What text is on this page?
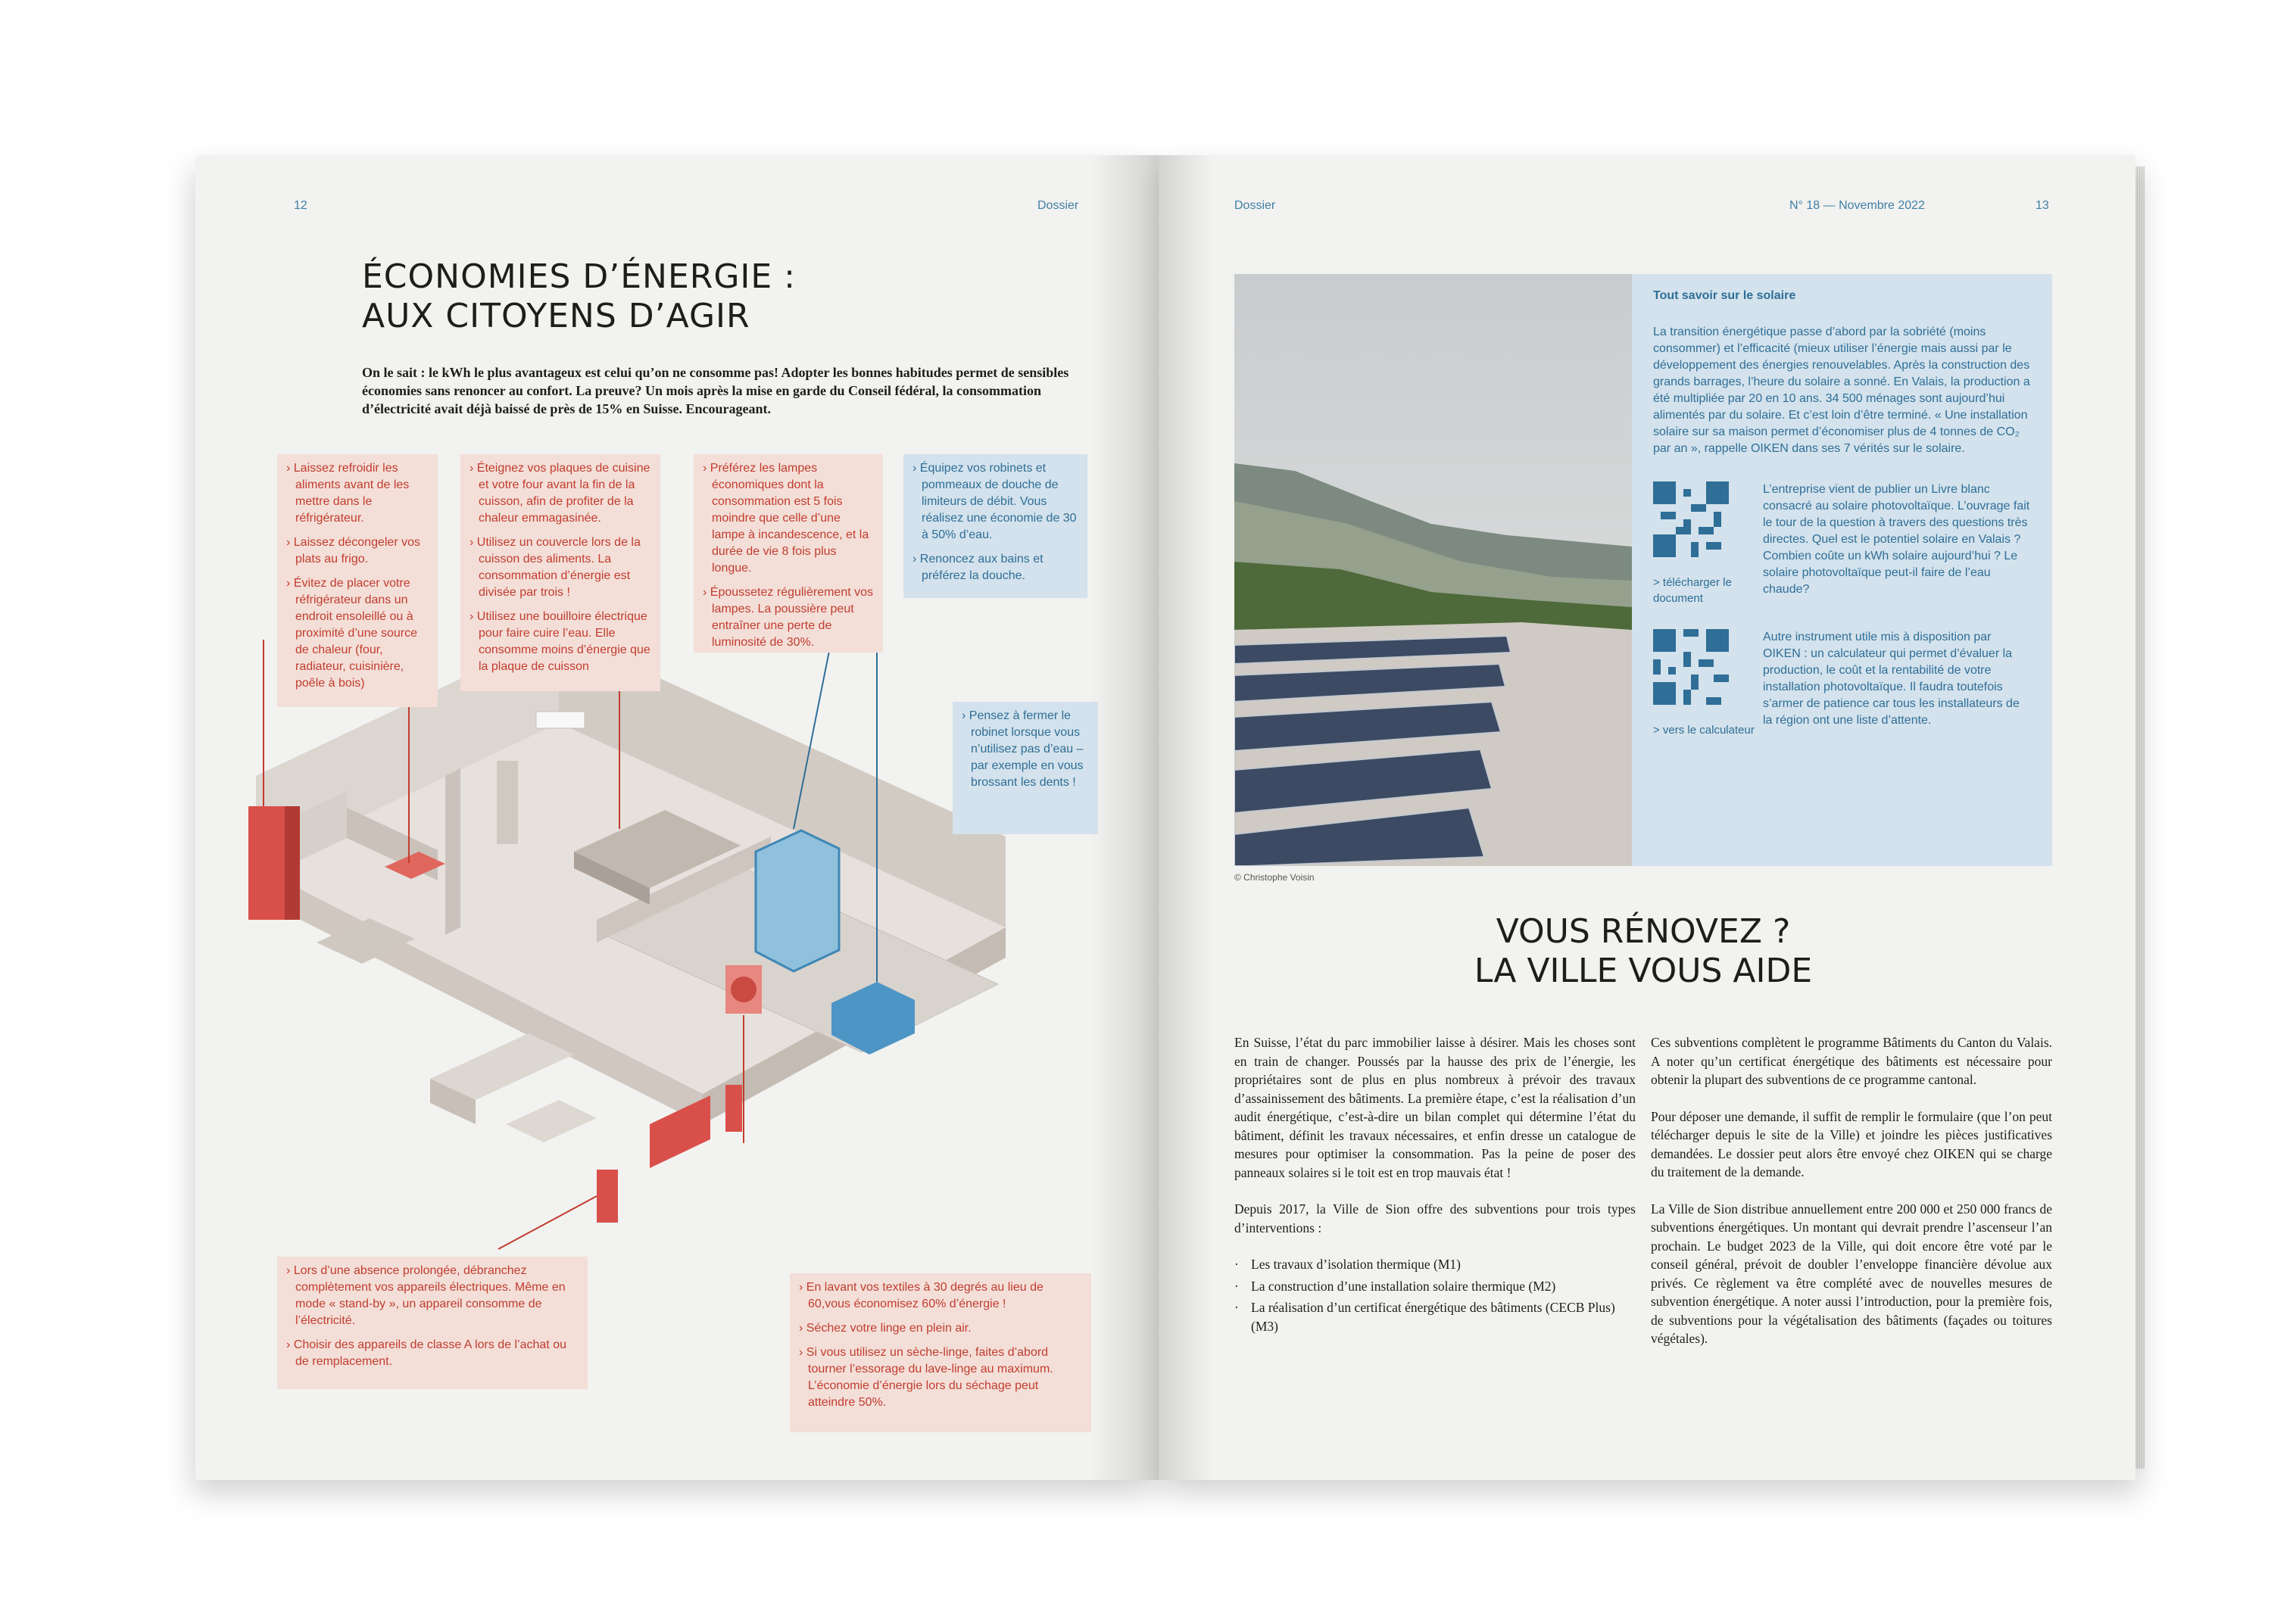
12	Dossier
ÉCONOMIES D’ÉNERGIE :
AUX CITOYENS D’AGIR
On le sait : le kWh le plus avantageux est celui qu’on ne consomme pas! Adopter les bonnes habitudes permet de sensibles économies sans renoncer au confort. La preuve? Un mois après la mise en garde du Conseil fédéral, la consommation d’électricité avait déjà baissé de près de 15% en Suisse. Encourageant.

› Laissez refroidir les aliments avant de les mettre dans le réfrigérateur.

› Laissez décongeler vos plats au frigo.

› Évitez de placer votre réfrigérateur dans un endroit ensoleillé ou à proximité d’une source de chaleur (four, radiateur, cuisinière, poêle à bois)

› Éteignez vos plaques de cuisine et votre four avant la fin de la cuisson, afin de profiter de la chaleur emmagasinée.

› Utilisez un couvercle lors de la cuisson des aliments. La consommation d’énergie est divisée par trois !

› Utilisez une bouilloire électrique pour faire cuire l’eau. Elle consomme moins d’énergie que la plaque de cuisson

› Préférez les lampes économiques dont la consommation est 5 fois moindre que celle d’une lampe à incandescence, et la durée de vie 8 fois plus longue.

› Époussetez régulièrement vos lampes. La poussière peut entraîner une perte de luminosité de 30%.

› Équipez vos robinets et pommeaux de douche de limiteurs de débit. Vous réalisez une économie de 30 à 50% d’eau.

› Renoncez aux bains et préférez la douche.

› Pensez à fermer le robinet lorsque vous n’utilisez pas d’eau – par exemple en vous brossant les dents !

› Lors d’une absence prolongée, débranchez complètement vos appareils électriques. Même en mode « stand-by », un appareil consomme de l’électricité.

› Choisir des appareils de classe A lors de l’achat ou de remplacement.

› En lavant vos textiles à 30 degrés au lieu de 60,vous économisez 60% d’énergie !

› Séchez votre linge en plein air.

› Si vous utilisez un sèche-linge, faites d’abord tourner l’essorage du lave-linge au maximum. L’économie d’énergie lors du séchage peut atteindre 50%.

Dossier	N° 18 — Novembre 2022	13
© Christophe Voisin
Tout savoir sur le solaire

La transition énergétique passe d’abord par la sobriété (moins consommer) et l’efficacité (mieux utiliser l’énergie mais aussi par le développement des énergies renouvelables. Après la construction des grands barrages, l’heure du solaire a sonné. En Valais, la production a été multipliée par 20 en 10 ans. 34 500 ménages sont aujourd’hui alimentés par du solaire. Et c’est loin d’être terminé. « Une installation solaire sur sa maison permet d’économiser plus de 4 tonnes de CO₂ par an », rappelle OIKEN dans ses 7 vérités sur le solaire.

> télécharger le document
L’entreprise vient de publier un Livre blanc consacré au solaire photovoltaïque. L’ouvrage fait le tour de la question à travers des questions très directes. Quel est le potentiel solaire en Valais ? Combien coûte un kWh solaire aujourd’hui ? Le solaire photovoltaïque peut-il faire de l’eau chaude?
> vers le calculateur
Autre instrument utile mis à disposition par OIKEN : un calculateur qui permet d’évaluer la production, le coût et la rentabilité de votre installation photovoltaïque. Il faudra toutefois s’armer de patience car tous les installateurs de la région ont une liste d’attente.
VOUS RÉNOVEZ ?
LA VILLE VOUS AIDE

En Suisse, l’état du parc immobilier laisse à désirer. Mais les choses sont en train de changer. Poussés par la hausse des prix de l’énergie, les propriétaires sont de plus en plus nombreux à prévoir des travaux d’assainissement des bâtiments. La première étape, c’est la réalisation d’un audit énergétique, c’est-à-dire un bilan complet qui détermine l’état du bâtiment, définit les travaux nécessaires, et enfin dresse un catalogue de mesures pour optimiser la consommation. Pas la peine de poser des panneaux solaires si le toit est en trop mauvais état !

Depuis 2017, la Ville de Sion offre des subventions pour trois types d’interventions :

· Les travaux d’isolation thermique (M1)
· La construction d’une installation solaire thermique (M2)
· La réalisation d’un certificat énergétique des bâtiments (CECB Plus) (M3)

Ces subventions complètent le programme Bâtiments du Canton du Valais. A noter qu’un certificat énergétique des bâtiments est nécessaire pour obtenir la plupart des subventions de ce programme cantonal.

Pour déposer une demande, il suffit de remplir le formulaire (que l’on peut télécharger depuis le site de la Ville) et joindre les pièces justificatives demandées. Le dossier peut alors être envoyé chez OIKEN qui se charge du traitement de la demande.

La Ville de Sion distribue annuellement entre 200 000 et 250 000 francs de subventions énergétiques. Un montant qui devrait prendre l’ascenseur l’an prochain. Le budget 2023 de la Ville, qui doit encore être voté par le conseil général, prévoit de doubler l’enveloppe financière dévolue aux privés. Ce règlement va être complété avec de nouvelles mesures de subvention énergétique. A noter aussi l’introduction, pour la première fois, de subventions pour la végétalisation des bâtiments (façades ou toitures végétales).
